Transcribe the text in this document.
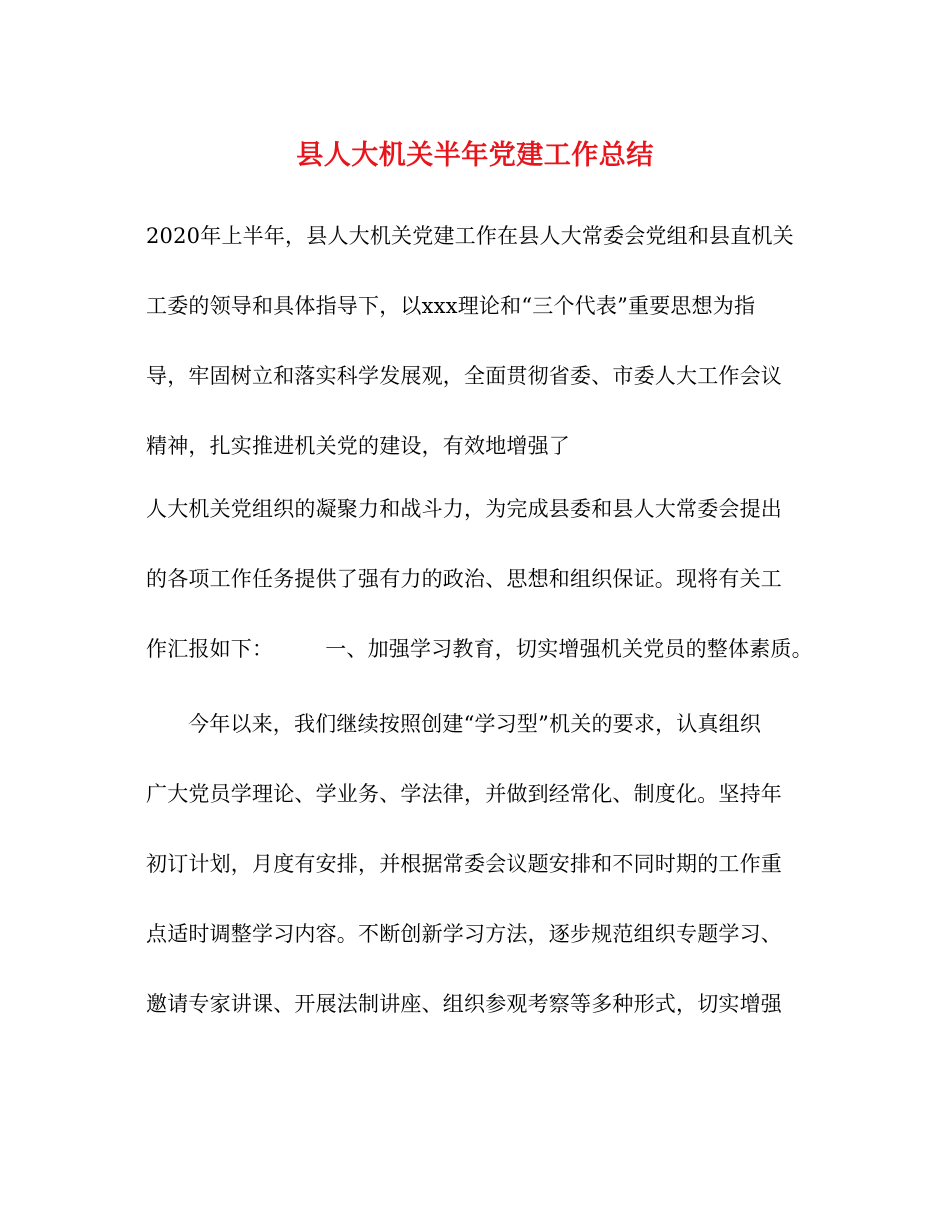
县人大机关半年党建工作总结
2020年上半年，县人大机关党建工作在县人大常委会党组和县直机关
工委的领导和具体指导下，以xxx理论和“三个代表”重要思想为指
导，牢固树立和落实科学发展观，全面贯彻省委、市委人大工作会议
精神，扎实推进机关党的建设，有效地增强了
人大机关党组织的凝聚力和战斗力，为完成县委和县人大常委会提出
的各项工作任务提供了强有力的政治、思想和组织保证。现将有关工
作汇报如下： 一、加强学习教育，切实增强机关党员的整体素质。
今年以来，我们继续按照创建“学习型”机关的要求，认真组织
广大党员学理论、学业务、学法律，并做到经常化、制度化。坚持年
初订计划，月度有安排，并根据常委会议题安排和不同时期的工作重
点适时调整学习内容。不断创新学习方法，逐步规范组织专题学习、
邀请专家讲课、开展法制讲座、组织参观考察等多种形式，切实增强
